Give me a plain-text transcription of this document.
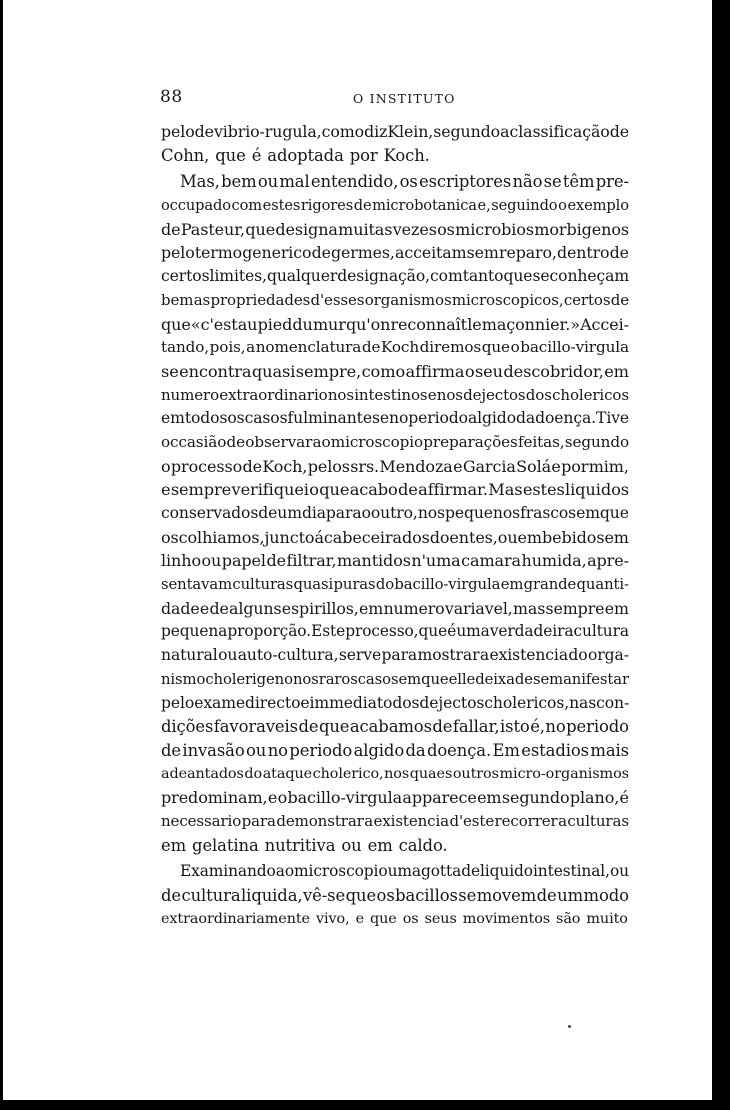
88	O INSTITUTO
pelo de vibrio-rugula, como diz Klein, segundo a classificação de
Cohn, que é adoptada por Koch.
Mas, bem ou mal entendido, os escriptores não se têm pre-
occupado com estes rigores de microbotanica e, seguindo o exemplo
de Pasteur, que designa muitas vezes os microbios morbigenos
pelo termo generico de germes, acceitam sem reparo, dentro de
certos limites, qualquer designação, com tanto que se conheçam
bem as propriedades d'esses organismos microscopicos, certos de
que «c'est au pied du mur qu'on reconnaît le maçonnier.» Accei-
tando, pois, a nomenclatura de Koch diremos que o bacillo-virgula
se encontra quasi sempre, como affirma o seu descobridor, em
numero extraordinario nos intestinos e nos dejectos dos cholericos
em todos os casos fulminantes e no periodo algido da doença. Tive
occasião de observar ao microscopio preparações feitas, segundo
o processo de Koch, pelos srs. Mendoza e Garcia Solá e por mim,
e sempre verifiquei o que acabo de affirmar. Mas estes liquidos
conservados de um dia para o outro, nos pequenos frascos em que
os colhiamos, juncto á cabeceira dos doentes, ou embebidos em
linho ou papel de filtrar, mantidos n'uma camara humida, apre-
sentavam culturas quasi puras do bacillo-virgula em grande quanti-
dade e de alguns espirillos, em numero variavel, mas sempre em
pequena proporção. Este processo, que é uma verdadeira cultura
natural ou auto-cultura, serve para mostrar a existencia do orga-
nismo cholerigeno nos raros casos em que elle deixa de se manifestar
pelo exame directo e immediato dos dejectos cholericos, nas con-
dições favoraveis de que acabamos de fallar, isto é, no periodo
de invasão ou no periodo algido da doença. Em estadios mais
adeantados do ataque cholerico, nos quaes outros micro-organismos
predominam, e o bacillo-virgula apparece em segundo plano, é
necessario para demonstrar a existencia d'este recorrer a culturas
em gelatina nutritiva ou em caldo.
Examinando ao microscopio uma gotta de liquido intestinal, ou
de cultura liquida, vê-se que os bacillos se movem de um modo
extraordinariamente vivo, e que os seus movimentos são muito
